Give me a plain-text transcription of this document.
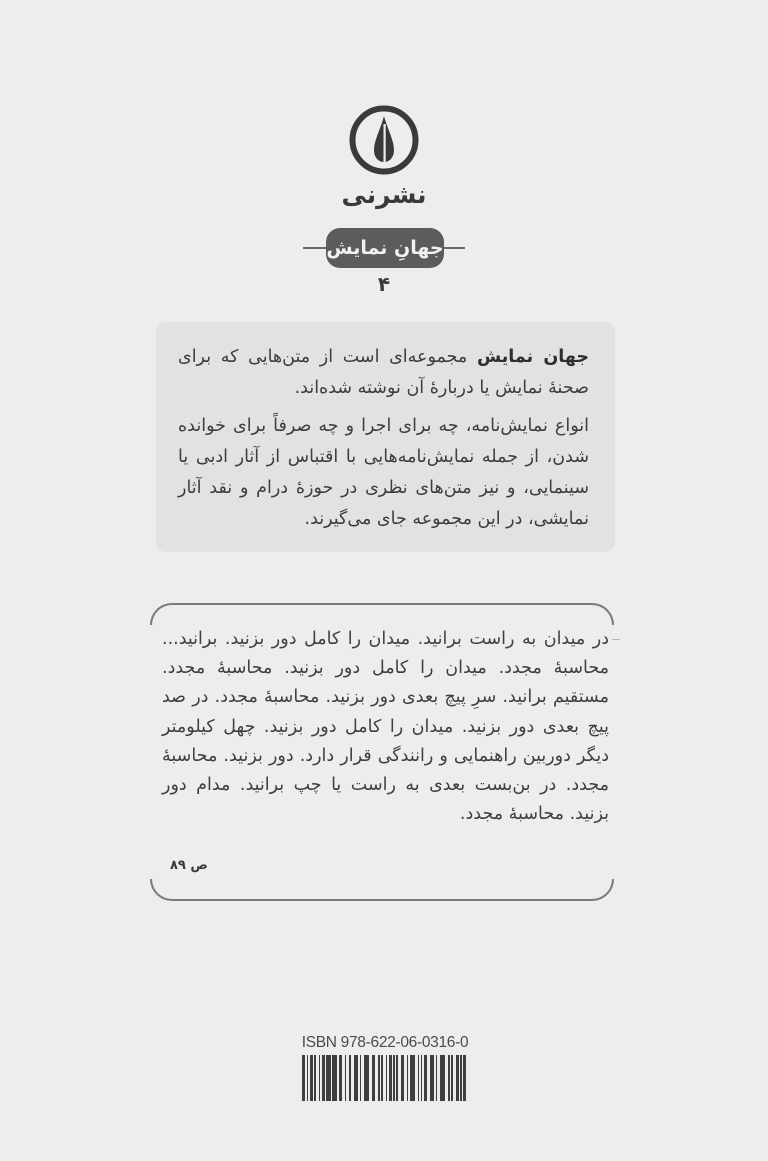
نشرنی
جهانِ نمایش
۴

جهان نمایش مجموعه‌ای است از متن‌هایی که برای صحنهٔ نمایش یا دربارهٔ آن نوشته شده‌اند.

انواع نمایش‌نامه، چه برای اجرا و چه صرفاً برای خوانده شدن، از جمله نمایش‌نامه‌هایی با اقتباس از آثار ادبی یا سینمایی، و نیز متن‌های نظری در حوزهٔ درام و نقد آثار نمایشی، در این مجموعه جای می‌گیرند.

در میدان به راست برانید. میدان را کامل دور بزنید. برانید... محاسبهٔ مجدد. میدان را کامل دور بزنید. محاسبهٔ مجدد. مستقیم برانید. سرِ پیچ بعدی دور بزنید. محاسبهٔ مجدد. در صد پیچ بعدی دور بزنید. میدان را کامل دور بزنید. چهل کیلومتر دیگر دوربین راهنمایی و رانندگی قرار دارد. دور بزنید. محاسبهٔ مجدد. در بن‌بست بعدی به راست یا چپ برانید. مدام دور بزنید. محاسبهٔ مجدد.
ص ۸۹
ISBN 978-622-06-0316-0
